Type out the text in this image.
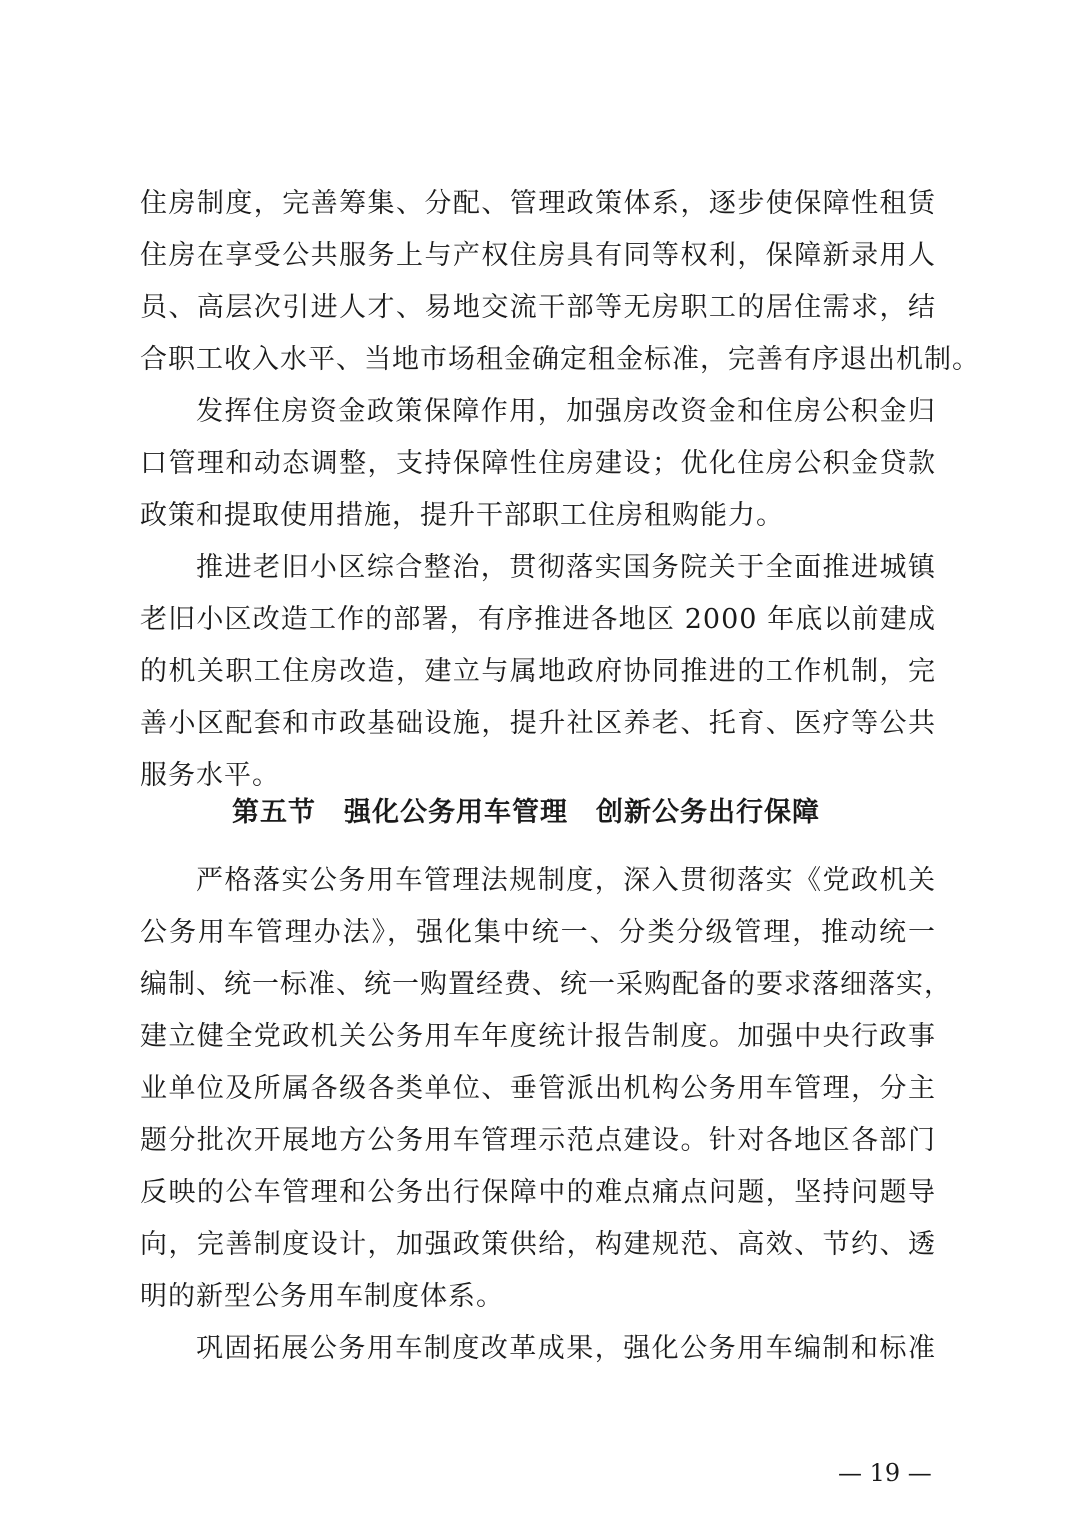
住房制度，完善筹集、分配、管理政策体系，逐步使保障性租赁
住房在享受公共服务上与产权住房具有同等权利，保障新录用人
员、高层次引进人才、易地交流干部等无房职工的居住需求，结
合职工收入水平、当地市场租金确定租金标准，完善有序退出机制。
发挥住房资金政策保障作用，加强房改资金和住房公积金归
口管理和动态调整，支持保障性住房建设；优化住房公积金贷款
政策和提取使用措施，提升干部职工住房租购能力。
推进老旧小区综合整治，贯彻落实国务院关于全面推进城镇
老旧小区改造工作的部署，有序推进各地区 2000 年底以前建成
的机关职工住房改造，建立与属地政府协同推进的工作机制，完
善小区配套和市政基础设施，提升社区养老、托育、医疗等公共
服务水平。
第五节　强化公务用车管理　创新公务出行保障
严格落实公务用车管理法规制度，深入贯彻落实《党政机关
公务用车管理办法》，强化集中统一、分类分级管理，推动统一
编制、统一标准、统一购置经费、统一采购配备的要求落细落实，
建立健全党政机关公务用车年度统计报告制度。加强中央行政事
业单位及所属各级各类单位、垂管派出机构公务用车管理，分主
题分批次开展地方公务用车管理示范点建设。针对各地区各部门
反映的公车管理和公务出行保障中的难点痛点问题，坚持问题导
向，完善制度设计，加强政策供给，构建规范、高效、节约、透
明的新型公务用车制度体系。
巩固拓展公务用车制度改革成果，强化公务用车编制和标准
— 19 —
